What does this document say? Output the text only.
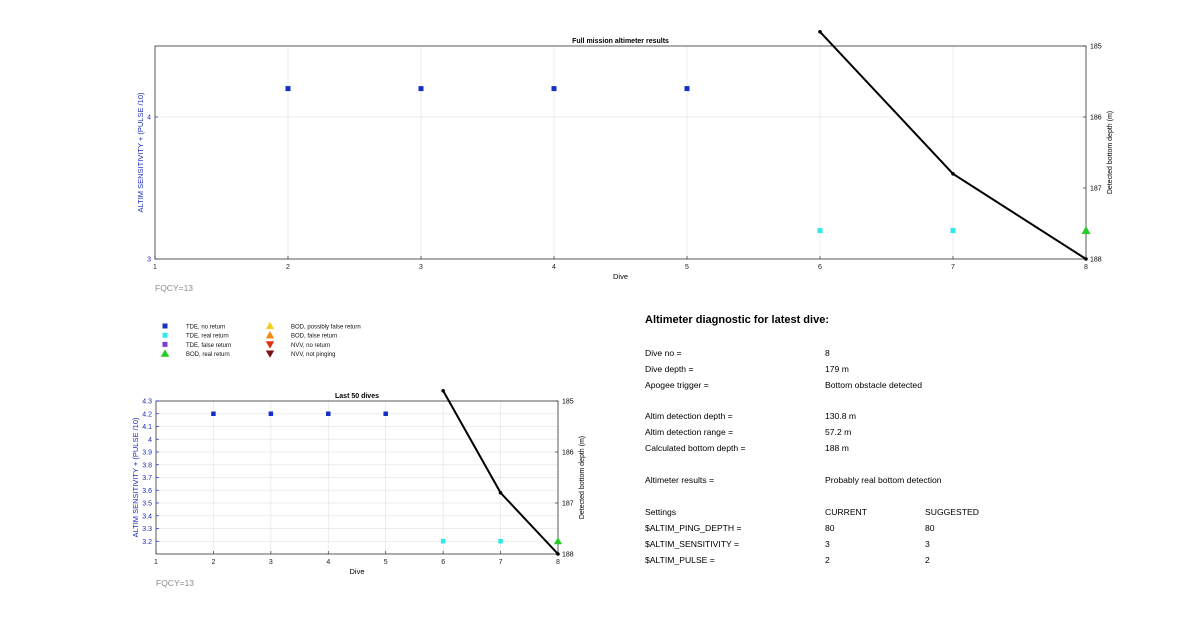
1	2	3	4	5	6	7	8
3
4
185
186
187
188
Full mission altimeter results
Dive
ALTIM SENSITIVITY + (PULSE /10)	Detected bottom depth (m)
FQCY=13
1	2	3	4	5	6	7	8
3.2
3.3
3.4
3.5
3.6
3.7
3.8
3.9
4
4.1
4.2
4.3	185
186
187
188
Last 50 dives
Dive
ALTIM SENSITIVITY + (PULSE /10)	Detected bottom depth (m)
FQCY=13
TDE, no return
TDE, real return
TDE, false return
BOD, real return
BOD, possibly false return
BOD, false return
NVV, no return
NVV, not pinging
Altimeter diagnostic for latest dive:
Dive no =	8
Dive depth =	179 m
Apogee trigger =	Bottom obstacle detected
Altim detection depth =	130.8 m
Altim detection range =	57.2 m
Calculated bottom depth =	188 m
Altimeter results =	Probably real bottom detection
Settings	CURRENT	SUGGESTED
$ALTIM_PING_DEPTH =	80	80
$ALTIM_SENSITIVITY =	3	3
$ALTIM_PULSE =	2	2
